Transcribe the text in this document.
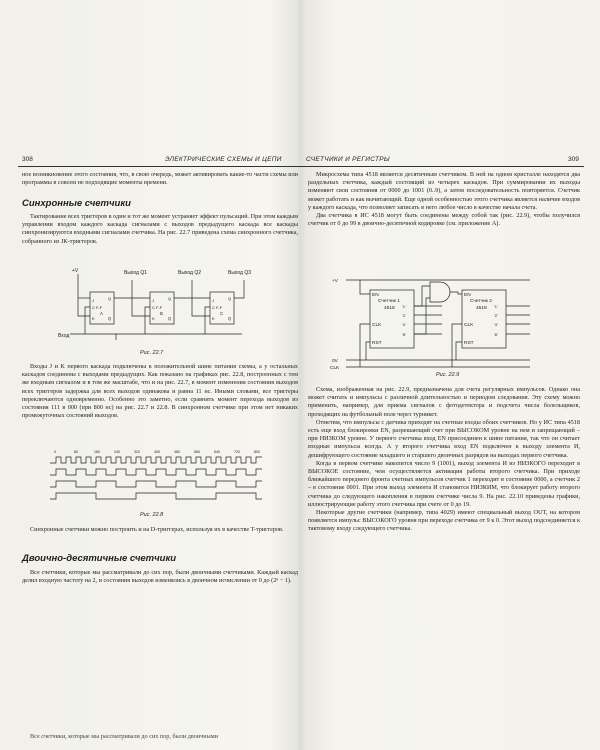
308	ЭЛЕКТРИЧЕСКИЕ СХЕМЫ И ЦЕПИ

ное возникновение этого состояния, что, в свою очередь, может активировать какие-то части схемы или программы в совсем не подходящие моменты времени.

Синхронные счетчики

Тактирование всех триггеров в один и тот же момент устраняет эффект пульсаций. При этом каждым управлении входом каждого каскада сигналами с выходов предыдущего каскада все каскады синхронизируются входными сигналами счетчика. На рис. 22.7 приведена схема синхронного счетчика, собранного из JK-триггеров.

J
C F-F
K
Q
Q̅
J
C F-F
K
Q
Q̅
J
C F-F
K
Q
Q̅
A	B	C
+V	Выход Q1	Выход Q2	Выход Q3
Вход
Рис. 22.7

Входы J и K первого каскада подключены к положительной шине питания схемы, а у остальных каскадов соединены с выходами предыдущих. Как показано на графиках рис. 22.8, построенных с тем же входным сигналом и в том же масштабе, что и на рис. 22.7, в момент изменения состояния выходов всех триггеров задержка для всех выходов одинакова и равна 11 нс. Иными словами, все триггеры переключаются одновременно. Особенно это заметно, если сравнить момент перехода выходов из состояния 111 в 000 (при 800 нс) на рис. 22.7 и 22.8. В синхронном счетчике при этом нет никаких промежуточных состояний выходов.

0	80	160	240	320	400	480	560	640	720	800
Рис. 22.8

Синхронные счетчики можно построить и на D-триггерах, используя их в качестве T-триггеров.

Двоично-десятичные счетчики

Все счетчики, которые мы рассматривали до сих пор, были двоичными счетчиками. Каждый каскад делил входную частоту на 2, и состояния выходов изменялись в двоичном исчислении от 0 до (2ⁿ − 1).

Все счетчики, которые мы рассматривали до сих пор, были двоичными

СЧЕТЧИКИ И РЕГИСТРЫ	309

Микросхема типа 4518 является десятичным счетчиком. В ней на одном кристалле находятся два раздельных счетчика, каждый состоящий из четырех каскадов. При суммировании их выходы изменяют свои состояния от 0000 до 1001 (0..9), а затем последовательность повторяется. Счетчик может работать и как вычитающий. Еще одной особенностью этого счетчика является наличие входов у каждого каскада, что позволяет записать в него любое число в качестве начала счета.

Два счетчика в ИС 4518 могут быть соединены между собой так (рис. 22.9), чтобы получился счетчик от 0 до 99 в двоично-десятичной кодировке (см. приложение А).

+V
0V
CLK
Счетчик 1
4518
Счетчик 2
4518
EN
CLK
RST
EN
CLK
RST
'1'
'2'
'4'
'8'
'1'
'2'
'4'
'8'
Рис. 22.9

Схема, изображенная на рис. 22.9, предназначена для счета регулярных импульсов. Однако она может считать и импульсы с различной длительностью и периодом следования. Эту схему можно применить, например, для приема сигналов с фотодетектора и подсчета числа болельщиков, проходящих на футбольный поле через турникет.

Отметим, что импульсы с датчика приходят на счетные входы обоих счетчиков. Но у ИС типа 4518 есть еще вход блокировки EN, разрешающий счет при ВЫСОКОМ уровне на нем и запрещающий – при НИЗКОМ уровне. У первого счетчика вход EN присоединен к шине питания, так что он считает входные импульсы всегда. А у второго счетчика вход EN подключен к выходу элемента И, дешифрующего состояние младшего и старшего двоичных разрядов на выходах первого счетчика.

Когда в первом счетчике накопится число 9 (1001), выход элемента И из НИЗКОГО переходит в ВЫСОКОЕ состояние, чем осуществляется активация работы второго счетчика. При приходе ближайшего переднего фронта счетных импульсов счетчик 1 переходит в состояние 0000, а счетчик 2 – в состояние 0001. При этом выход элемента И становится НИЗКИМ, что блокирует работу второго счетчика до следующего накопления в первом счетчике числа 9. На рис. 22.10 приведены графики, иллюстрирующие работу этого счетчика при счете от 0 до 19.

Некоторые другие счетчики (например, типа 4029) имеют специальный выход OUT, на котором появляется импульс ВЫСОКОГО уровня при переходе счетчика от 9 к 0. Этот выход подсоединяется к тактовому входу следующего счетчика.
